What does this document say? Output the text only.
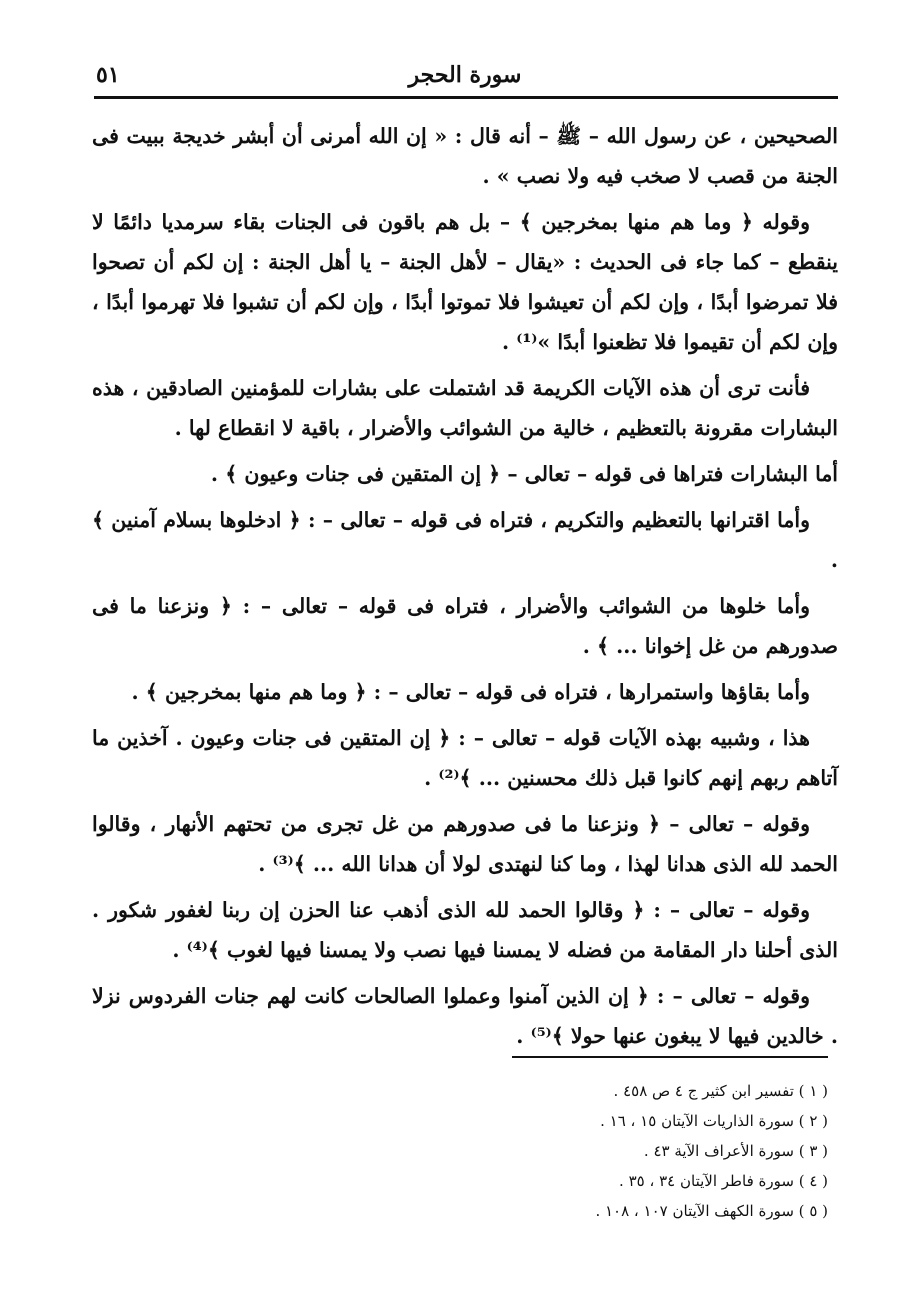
سورة الحجر
٥١

الصحيحين ، عن رسول الله – ﷺ – أنه قال : « إن الله أمرنى أن أبشر خديجة ببيت فى الجنة من قصب لا صخب فيه ولا نصب » .

وقوله ﴿ وما هم منها بمخرجين ﴾ – بل هم باقون فى الجنات بقاء سرمديا دائمًا لا ينقطع – كما جاء فى الحديث : «يقال – لأهل الجنة – يا أهل الجنة : إن لكم أن تصحوا فلا تمرضوا أبدًا ، وإن لكم أن تعيشوا فلا تموتوا أبدًا ، وإن لكم أن تشبوا فلا تهرموا أبدًا ، وإن لكم أن تقيموا فلا تظعنوا أبدًا »⁽¹⁾ .

فأنت ترى أن هذه الآيات الكريمة قد اشتملت على بشارات للمؤمنين الصادقين ، هذه البشارات مقرونة بالتعظيم ، خالية من الشوائب والأضرار ، باقية لا انقطاع لها .

أما البشارات فتراها فى قوله – تعالى – ﴿ إن المتقين فى جنات وعيون ﴾ .

وأما اقترانها بالتعظيم والتكريم ، فتراه فى قوله – تعالى – : ﴿ ادخلوها بسلام آمنين ﴾ .

وأما خلوها من الشوائب والأضرار ، فتراه فى قوله – تعالى – : ﴿ ونزعنا ما فى صدورهم من غل إخوانا ... ﴾ .

وأما بقاؤها واستمرارها ، فتراه فى قوله – تعالى – : ﴿ وما هم منها بمخرجين ﴾ .

هذا ، وشبيه بهذه الآيات قوله – تعالى – : ﴿ إن المتقين فى جنات وعيون . آخذين ما آتاهم ربهم إنهم كانوا قبل ذلك محسنين ... ﴾⁽²⁾ .

وقوله – تعالى – ﴿ ونزعنا ما فى صدورهم من غل تجرى من تحتهم الأنهار ، وقالوا الحمد لله الذى هدانا لهذا ، وما كنا لنهتدى لولا أن هدانا الله ... ﴾⁽³⁾ .

وقوله – تعالى – : ﴿ وقالوا الحمد لله الذى أذهب عنا الحزن إن ربنا لغفور شكور . الذى أحلنا دار المقامة من فضله لا يمسنا فيها نصب ولا يمسنا فيها لغوب ﴾⁽⁴⁾ .

وقوله – تعالى – : ﴿ إن الذين آمنوا وعملوا الصالحات كانت لهم جنات الفردوس نزلا . خالدين فيها لا يبغون عنها حولا ﴾⁽⁵⁾ .

( ١ ) تفسير ابن كثير ج ٤ ص ٤٥٨ .
( ٢ ) سورة الذاريات الآيتان ١٥ ، ١٦ .
( ٣ ) سورة الأعراف الآية ٤٣ .
( ٤ ) سورة فاطر الآيتان ٣٤ ، ٣٥ .
( ٥ ) سورة الكهف الآيتان ١٠٧ ، ١٠٨ .
